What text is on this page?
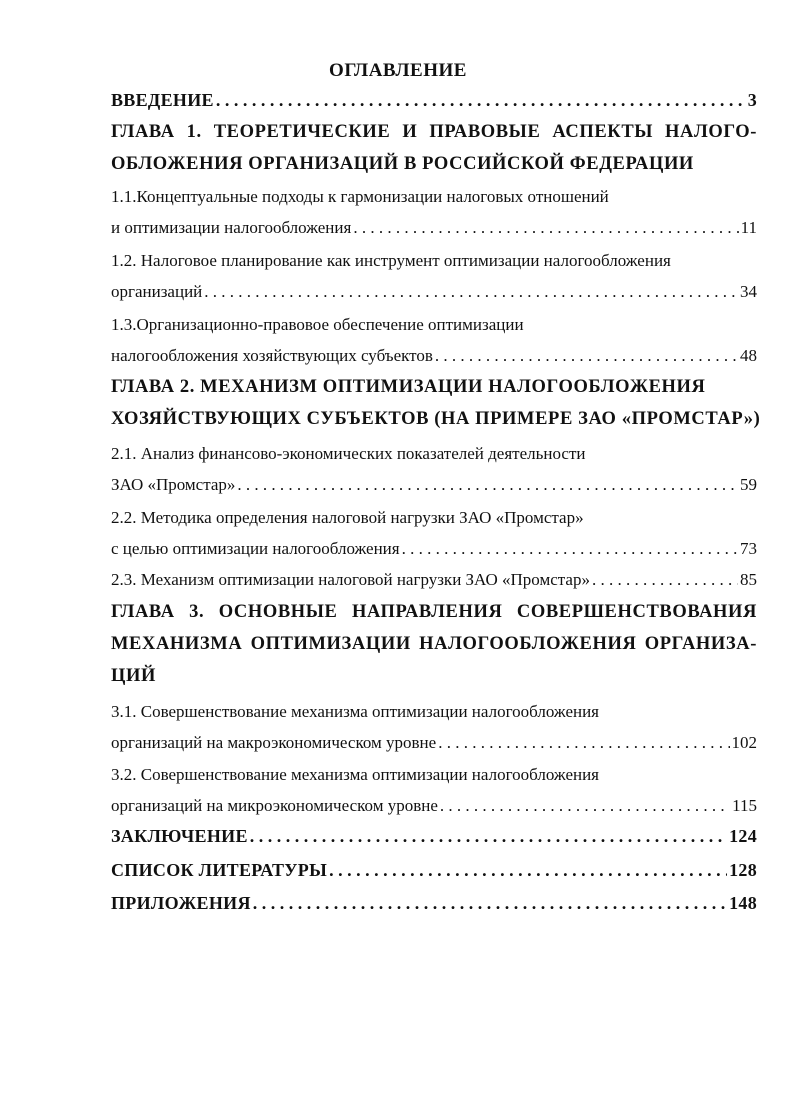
ОГЛАВЛЕНИЕ
ВВЕДЕНИЕ . . .	3
ГЛАВА 1. ТЕОРЕТИЧЕСКИЕ И ПРАВОВЫЕ АСПЕКТЫ НАЛОГО-
ОБЛОЖЕНИЯ ОРГАНИЗАЦИЙ В РОССИЙСКОЙ ФЕДЕРАЦИИ
1.1.Концептуальные подходы к гармонизации налоговых отношений
и оптимизации налогообложения . . .	11
1.2. Налоговое планирование как инструмент оптимизации налогообложения
организаций . . .	34
1.3.Организационно-правовое обеспечение оптимизации
налогообложения хозяйствующих субъектов . . .	48
ГЛАВА 2. МЕХАНИЗМ ОПТИМИЗАЦИИ НАЛОГООБЛОЖЕНИЯ
ХОЗЯЙСТВУЮЩИХ СУБЪЕКТОВ (НА ПРИМЕРЕ ЗАО «ПРОМСТАР»)
2.1. Анализ финансово-экономических показателей деятельности
ЗАО «Промстар» . . .	59
2.2. Методика определения налоговой нагрузки ЗАО «Промстар»
с целью оптимизации налогообложения . . .	73
2.3. Механизм оптимизации налоговой нагрузки ЗАО «Промстар» . . .	85
ГЛАВА 3. ОСНОВНЫЕ НАПРАВЛЕНИЯ СОВЕРШЕНСТВОВАНИЯ
МЕХАНИЗМА ОПТИМИЗАЦИИ НАЛОГООБЛОЖЕНИЯ ОРГАНИЗА-
ЦИЙ
3.1. Совершенствование механизма оптимизации налогообложения
организаций на макроэкономическом уровне . . .	102
3.2. Совершенствование механизма оптимизации налогообложения
организаций на микроэкономическом уровне . . .	115
ЗАКЛЮЧЕНИЕ . . .	124
СПИСОК ЛИТЕРАТУРЫ . . .	128
ПРИЛОЖЕНИЯ . . .	148
